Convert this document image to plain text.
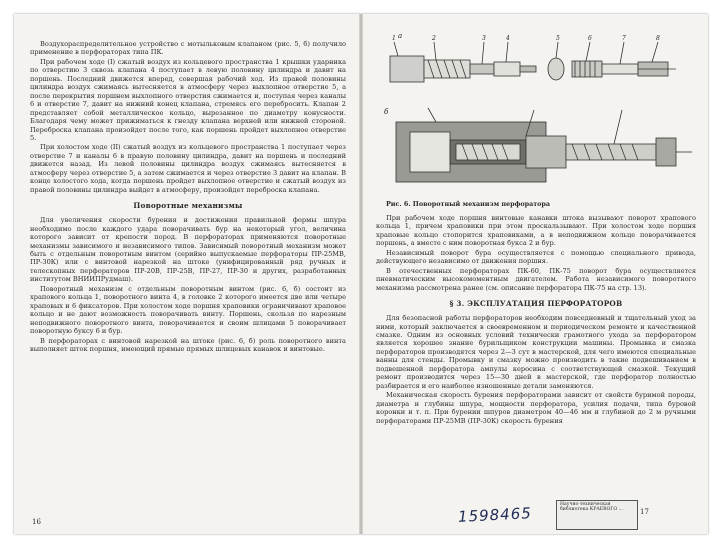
Воздухораспределительное устройство с мотыльковым клапаном (рис. 5, б) получило применение в перфораторах типа ПК.

При рабочем ходе (I) сжатый воздух из кольцевого пространства 1 крышки ударника по отверстию 3 сквозь клапана 4 поступает в левую половину цилиндра и давит на поршень. Последний движется вперед, совершая рабочий ход. Из правой половины цилиндра воздух сжимаясь вытесняется в атмосферу через выхлопное отверстие 5, а после перекрытия поршнем выхлопного отверстия сжимается и, поступая через каналы 6 и отверстие 7, давит на нижний конец клапана, стремясь его перебросить. Клапан 2 представляет собой металлическое кольцо, вырезанное по диаметру конусности. Благодаря чему может прижиматься к гнезду клапана верхней или нижней стороной. Переброска клапана произойдет после того, как поршень пройдет выхлопное отверстие 5.

При холостом ходе (II) сжатый воздух из кольцевого пространства 1 поступает через отверстие 7 и каналы 6 в правую половину цилиндра, давит на поршень и последний движется назад. Из левой половины цилиндра воздух сжимаясь вытесняется в атмосферу через отверстие 5, а затем сжимается и через отверстие 3 давит на клапан. В конце холостого хода, когда поршень пройдет выхлопное отверстие и сжатый воздух из правой половины цилиндра выйдет в атмосферу, произойдет переброска клапана.

Поворотные механизмы

Для увеличения скорости бурения и достижения правильной формы шпура необходимо после каждого удара поворачивать бур на некоторый угол, величина которого зависит от крепости пород. В перфораторах применяются поворотные механизмы зависимого и независимого типов. Зависимый поворотный механизм может быть с отдельным поворотным винтом (серийно выпускаемые перфораторы ПР-25МВ, ПР-30К) или с винтовой нарезкой на штоке (унифицированный ряд ручных и телескопных перфораторов ПР-20В, ПР-25В, ПР-27, ПР-30 и других, разработанных институтом ВНИИПРудмаш).

Поворотный механизм с отдельным поворотным винтом (рис. 6, б) состоит из храпового кольца 1, поворотного винта 4, в головке 2 которого имеется две или четыре храповых и 6 фиксаторов. При холостом ходе поршня храповики ограничивают храповое кольцо и не дают возможность поворачивать винту. Поршень, скользя по нарезным неподвижного поворотного винта, поворачивается и своим шлицами 5 поворачивает поворотную буксу 6 и бур.

В перфораторах с винтовой нарезкой на штоке (рис. 6, б) роль поворотного винта выполняет шток поршня, имеющий прямые прямых шлицевых канавок и винтовые.

16
а
б
1	2	3	4	5	6	7	8
Рис. 6. Поворотный механизм перфоратора

При рабочем ходе поршня винтовые канавки штока вызывают поворот храпового кольца 1, причем храповики при этом проскальзывают. При холостом ходе поршня храповые кольцо стопорится храповиками, а в неподвижном кольце поворачивается поршень, а вместе с ним поворотная букса 2 и бур.

Независимый поворот бура осуществляется с помощью специального привода, действующего независимо от движения поршня.

В отечественных перфораторах ПК-60, ПК-75 поворот бура осуществляется пневматическим высокомоментным двигателем. Работа независимого поворотного механизма рассмотрена ранее (см. описание перфоратора ПК-75 на стр. 13).

§ 3. ЭКСПЛУАТАЦИЯ ПЕРФОРАТОРОВ

Для безопасной работы перфораторов необходим повседневный и тщательный уход за ними, который заключается в своевременном и периодическом ремонте и качественной смазке. Одним из основных условий технически грамотного ухода за перфоратором является хорошее знание бурильщиком конструкции машины. Промывка и смазка перфораторов производятся через 2—3 сут в мастерской, для чего имеются специальные ванны для стенды. Промывку и смазку можно производить в такие подвешиванием в подвешенной перфоратора ампулы керосина с соответствующей смазкой. Текущий ремонт производится через 15—30 дней в мастерской, где перфоратор полностью разбирается и его наиболее изношенные детали заменяются.

Механическая скорость бурения перфораторами зависит от свойств буримой породы, диаметра и глубины шпура, мощности перфоратора, усилия подачи, типа буровой коронки и т. п. При бурении шпуров диаметром 40—46 мм и глубиной до 2 м ручными перфораторами ПР-25МВ (ПР-30К) скорость бурения

1598465	Научно-техническая библиотека КРАЕВОГО ...	17
